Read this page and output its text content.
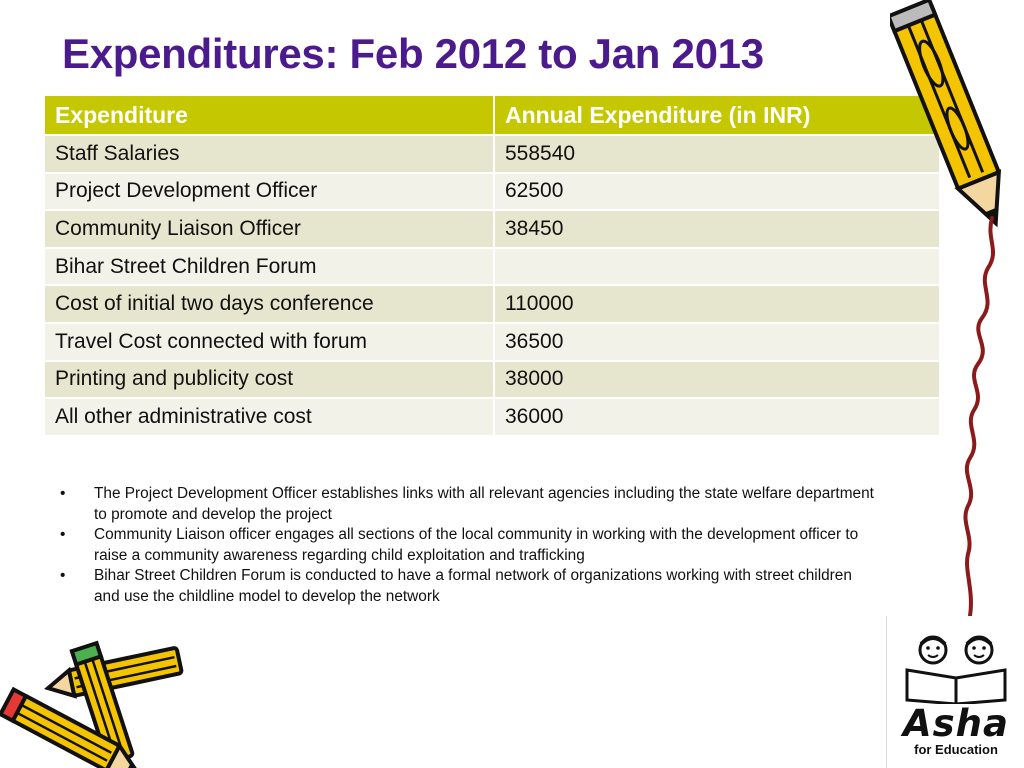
Expenditures: Feb 2012 to Jan 2013
Expenditure	Annual Expenditure (in INR)
Staff Salaries	558540
Project Development Officer	62500
Community Liaison Officer	38450
Bihar Street Children Forum	
Cost of initial two days conference	110000
Travel Cost connected with forum	36500
Printing and publicity cost	38000
All other administrative cost	36000
• The Project Development Officer establishes links with all relevant agencies including the state welfare department to promote and develop the project
• Community Liaison officer engages all sections of the local community in working with the development officer to raise a community awareness regarding child exploitation and trafficking
• Bihar Street Children Forum is conducted to have a formal network of organizations working with street children and use the childline model to develop the network
Asha
for Education
